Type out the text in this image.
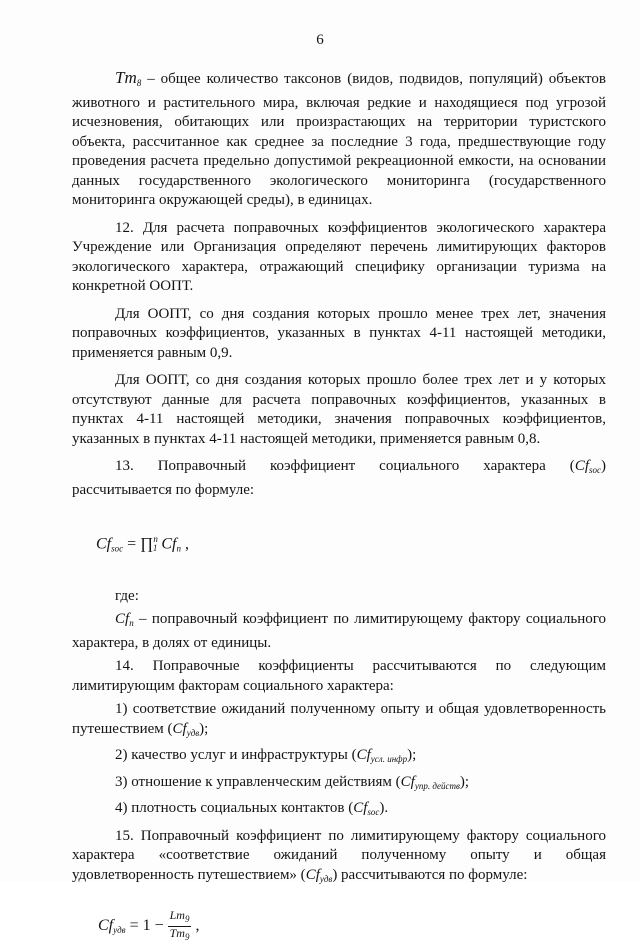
6

$Tm_8$ – общее количество таксонов (видов, подвидов, популяций) объектов животного и растительного мира, включая редкие и находящиеся под угрозой исчезновения, обитающих или произрастающих на территории туристского объекта, рассчитанное как среднее за последние 3 года, предшествующие году проведения расчета предельно допустимой рекреационной емкости, на основании данных государственного экологического мониторинга (государственного мониторинга окружающей среды), в единицах.

12. Для расчета поправочных коэффициентов экологического характера Учреждение или Организация определяют перечень лимитирующих факторов экологического характера, отражающий специфику организации туризма на конкретной ООПТ.

Для ООПТ, со дня создания которых прошло менее трех лет, значения поправочных коэффициентов, указанных в пунктах 4-11 настоящей методики, применяется равным 0,9.

Для ООПТ, со дня создания которых прошло более трех лет и у которых отсутствуют данные для расчета поправочных коэффициентов, указанных в пунктах 4-11 настоящей методики, значения поправочных коэффициентов, указанных в пунктах 4-11 настоящей методики, применяется равным 0,8.

13. Поправочный коэффициент социального характера $(Cf_{soc})$ рассчитывается по формуле:

$Cf_{soc}$ = ∏$^n_1$ $Cf_n$ ,

где:

$Cf_n$ – поправочный коэффициент по лимитирующему фактору социального характера, в долях от единицы.

14. Поправочные коэффициенты рассчитываются по следующим лимитирующим факторам социального характера:

1) соответствие ожиданий полученному опыту и общая удовлетворенность путешествием $(Cf_{удв})$;

2) качество услуг и инфраструктуры $(Cf_{усл. инфр})$;

3) отношение к управленческим действиям $(Cf_{упр. действ})$;

4) плотность социальных контактов $(Cf_{soc})$.

15. Поправочный коэффициент по лимитирующему фактору социального характера «соответствие ожиданий полученному опыту и общая удовлетворенность путешествием» $(Cf_{удв})$ рассчитываются по формуле:

$Cf_{удв} = 1 - \frac{Lm_9}{Tm_9}$ ,
